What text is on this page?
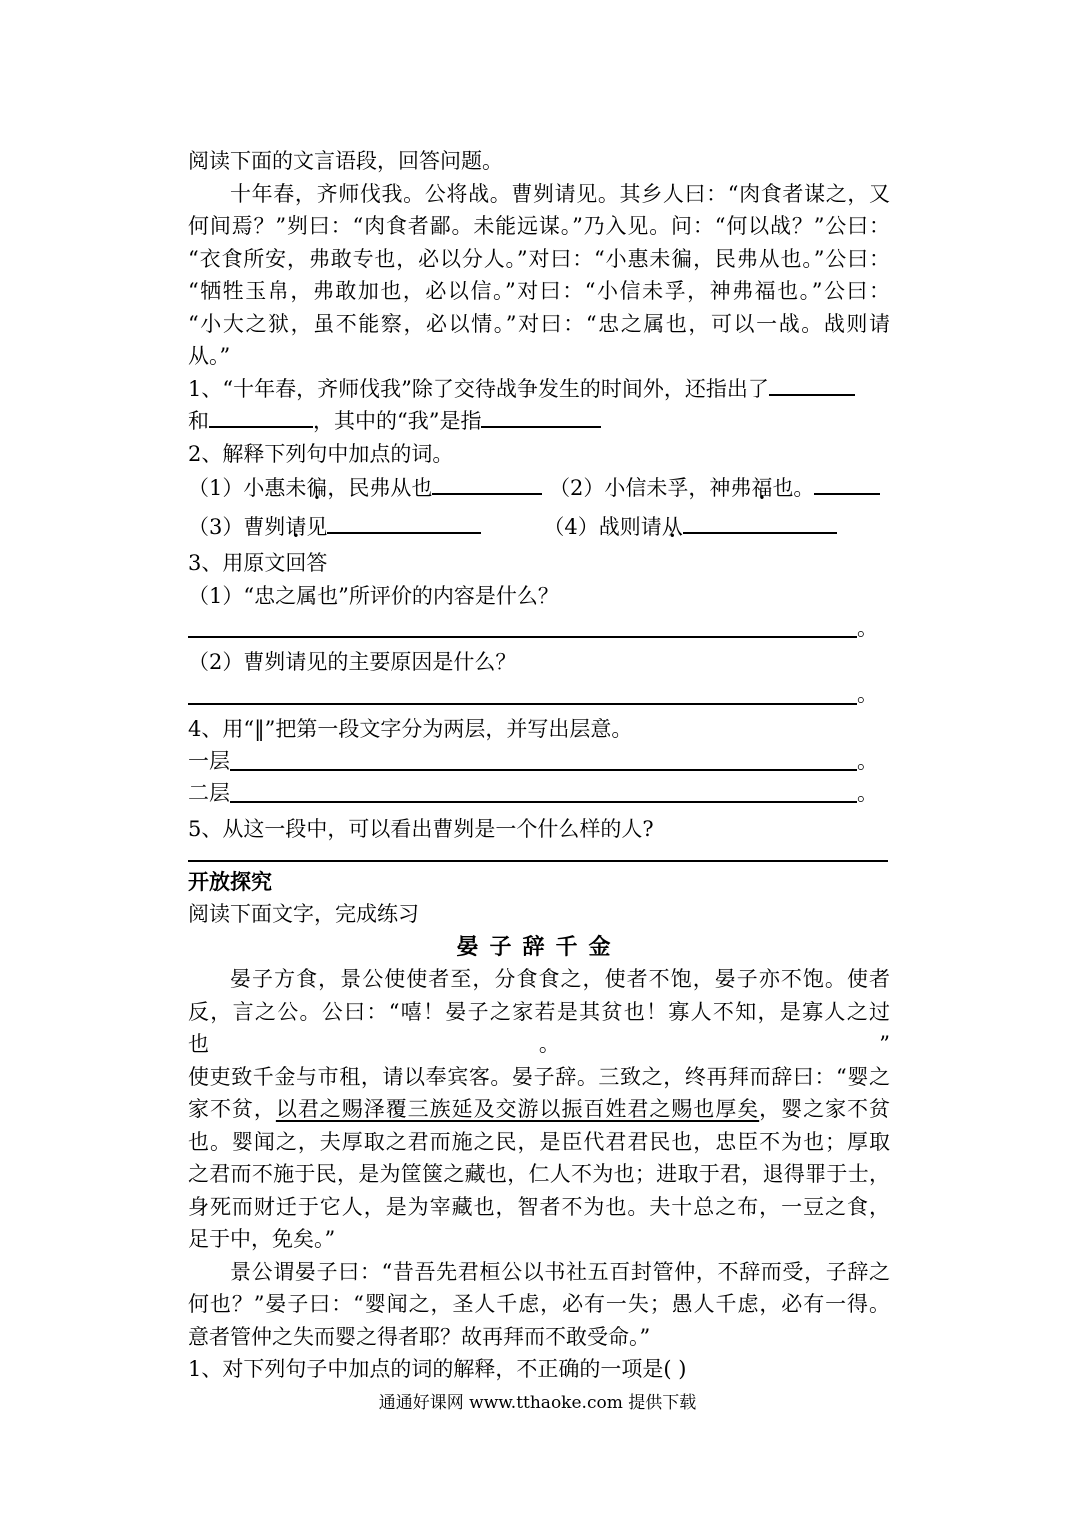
阅读下面的文言语段，回答问题。

十年春，齐师伐我。公将战。曹刿请见。其乡人曰：“肉食者谋之，又

何间焉？”刿曰：“肉食者鄙。未能远谋。”乃入见。问：“何以战？”公曰：

“衣食所安，弗敢专也，必以分人。”对曰：“小惠未徧，民弗从也。”公曰：

“牺牲玉帛，弗敢加也，必以信。”对曰：“小信未孚，神弗福也。”公曰：

“小大之狱，虽不能察，必以情。”对曰：“忠之属也，可以一战。战则请

从。”

1、“十年春，齐师伐我”除了交待战争发生的时间外，还指出了

和	，其中的“我”是指

2、解释下列句中加点的词。

（1）小惠未徧，民弗从也	（2）小信未孚，神弗福也。

（3）曹刿请见	（4）战则请从

3、用原文回答

（1）“忠之属也”所评价的内容是什么？

。

（2）曹刿请见的主要原因是什么？

。

4、用“‖”把第一段文字分为两层，并写出层意。

一层	。
二层	。

5、从这一段中，可以看出曹刿是一个什么样的人?

开放探究

阅读下面文字，完成练习

晏子辞千金

晏子方食，景公使使者至，分食食之，使者不饱，晏子亦不饱。使者

反，言之公。公曰：“嘻！晏子之家若是其贫也！寡人不知，是寡人之过也。”

使吏致千金与市租，请以奉宾客。晏子辞。三致之，终再拜而辞曰：“婴之

家不贫，以君之赐泽覆三族延及交游以振百姓君之赐也厚矣，婴之家不贫

也。婴闻之，夫厚取之君而施之民，是臣代君君民也，忠臣不为也；厚取

之君而不施于民，是为筐箧之藏也，仁人不为也；进取于君，退得罪于士，

身死而财迁于它人，是为宰藏也，智者不为也。夫十总之布，一豆之食，

足于中，免矣。”

景公谓晏子曰：“昔吾先君桓公以书社五百封管仲，不辞而受，子辞之

何也？”晏子曰：“婴闻之，圣人千虑，必有一失；愚人千虑，必有一得。

意者管仲之失而婴之得者耶？故再拜而不敢受命。”

1、对下列句子中加点的词的解释，不正确的一项是( )

通通好课网 www.tthaoke.com 提供下载
